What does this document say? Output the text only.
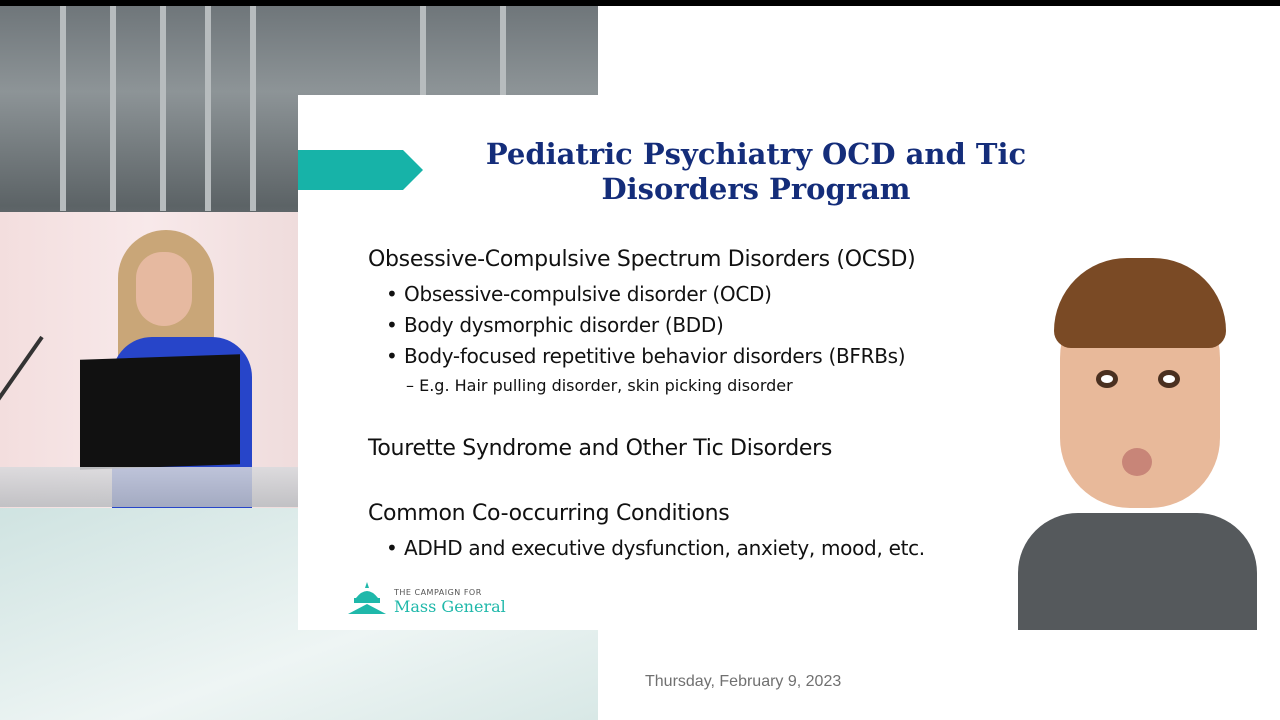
Pediatric Psychiatry OCD and Tic Disorders Program
Obsessive-Compulsive Spectrum Disorders (OCSD)
• Obsessive-compulsive disorder (OCD)
• Body dysmorphic disorder (BDD)
• Body-focused repetitive behavior disorders (BFRBs)
– E.g. Hair pulling disorder, skin picking disorder
Tourette Syndrome and Other Tic Disorders
Common Co-occurring Conditions
• ADHD and executive dysfunction, anxiety, mood, etc.
THE CAMPAIGN FOR
Mass General
Thursday, February 9, 2023
